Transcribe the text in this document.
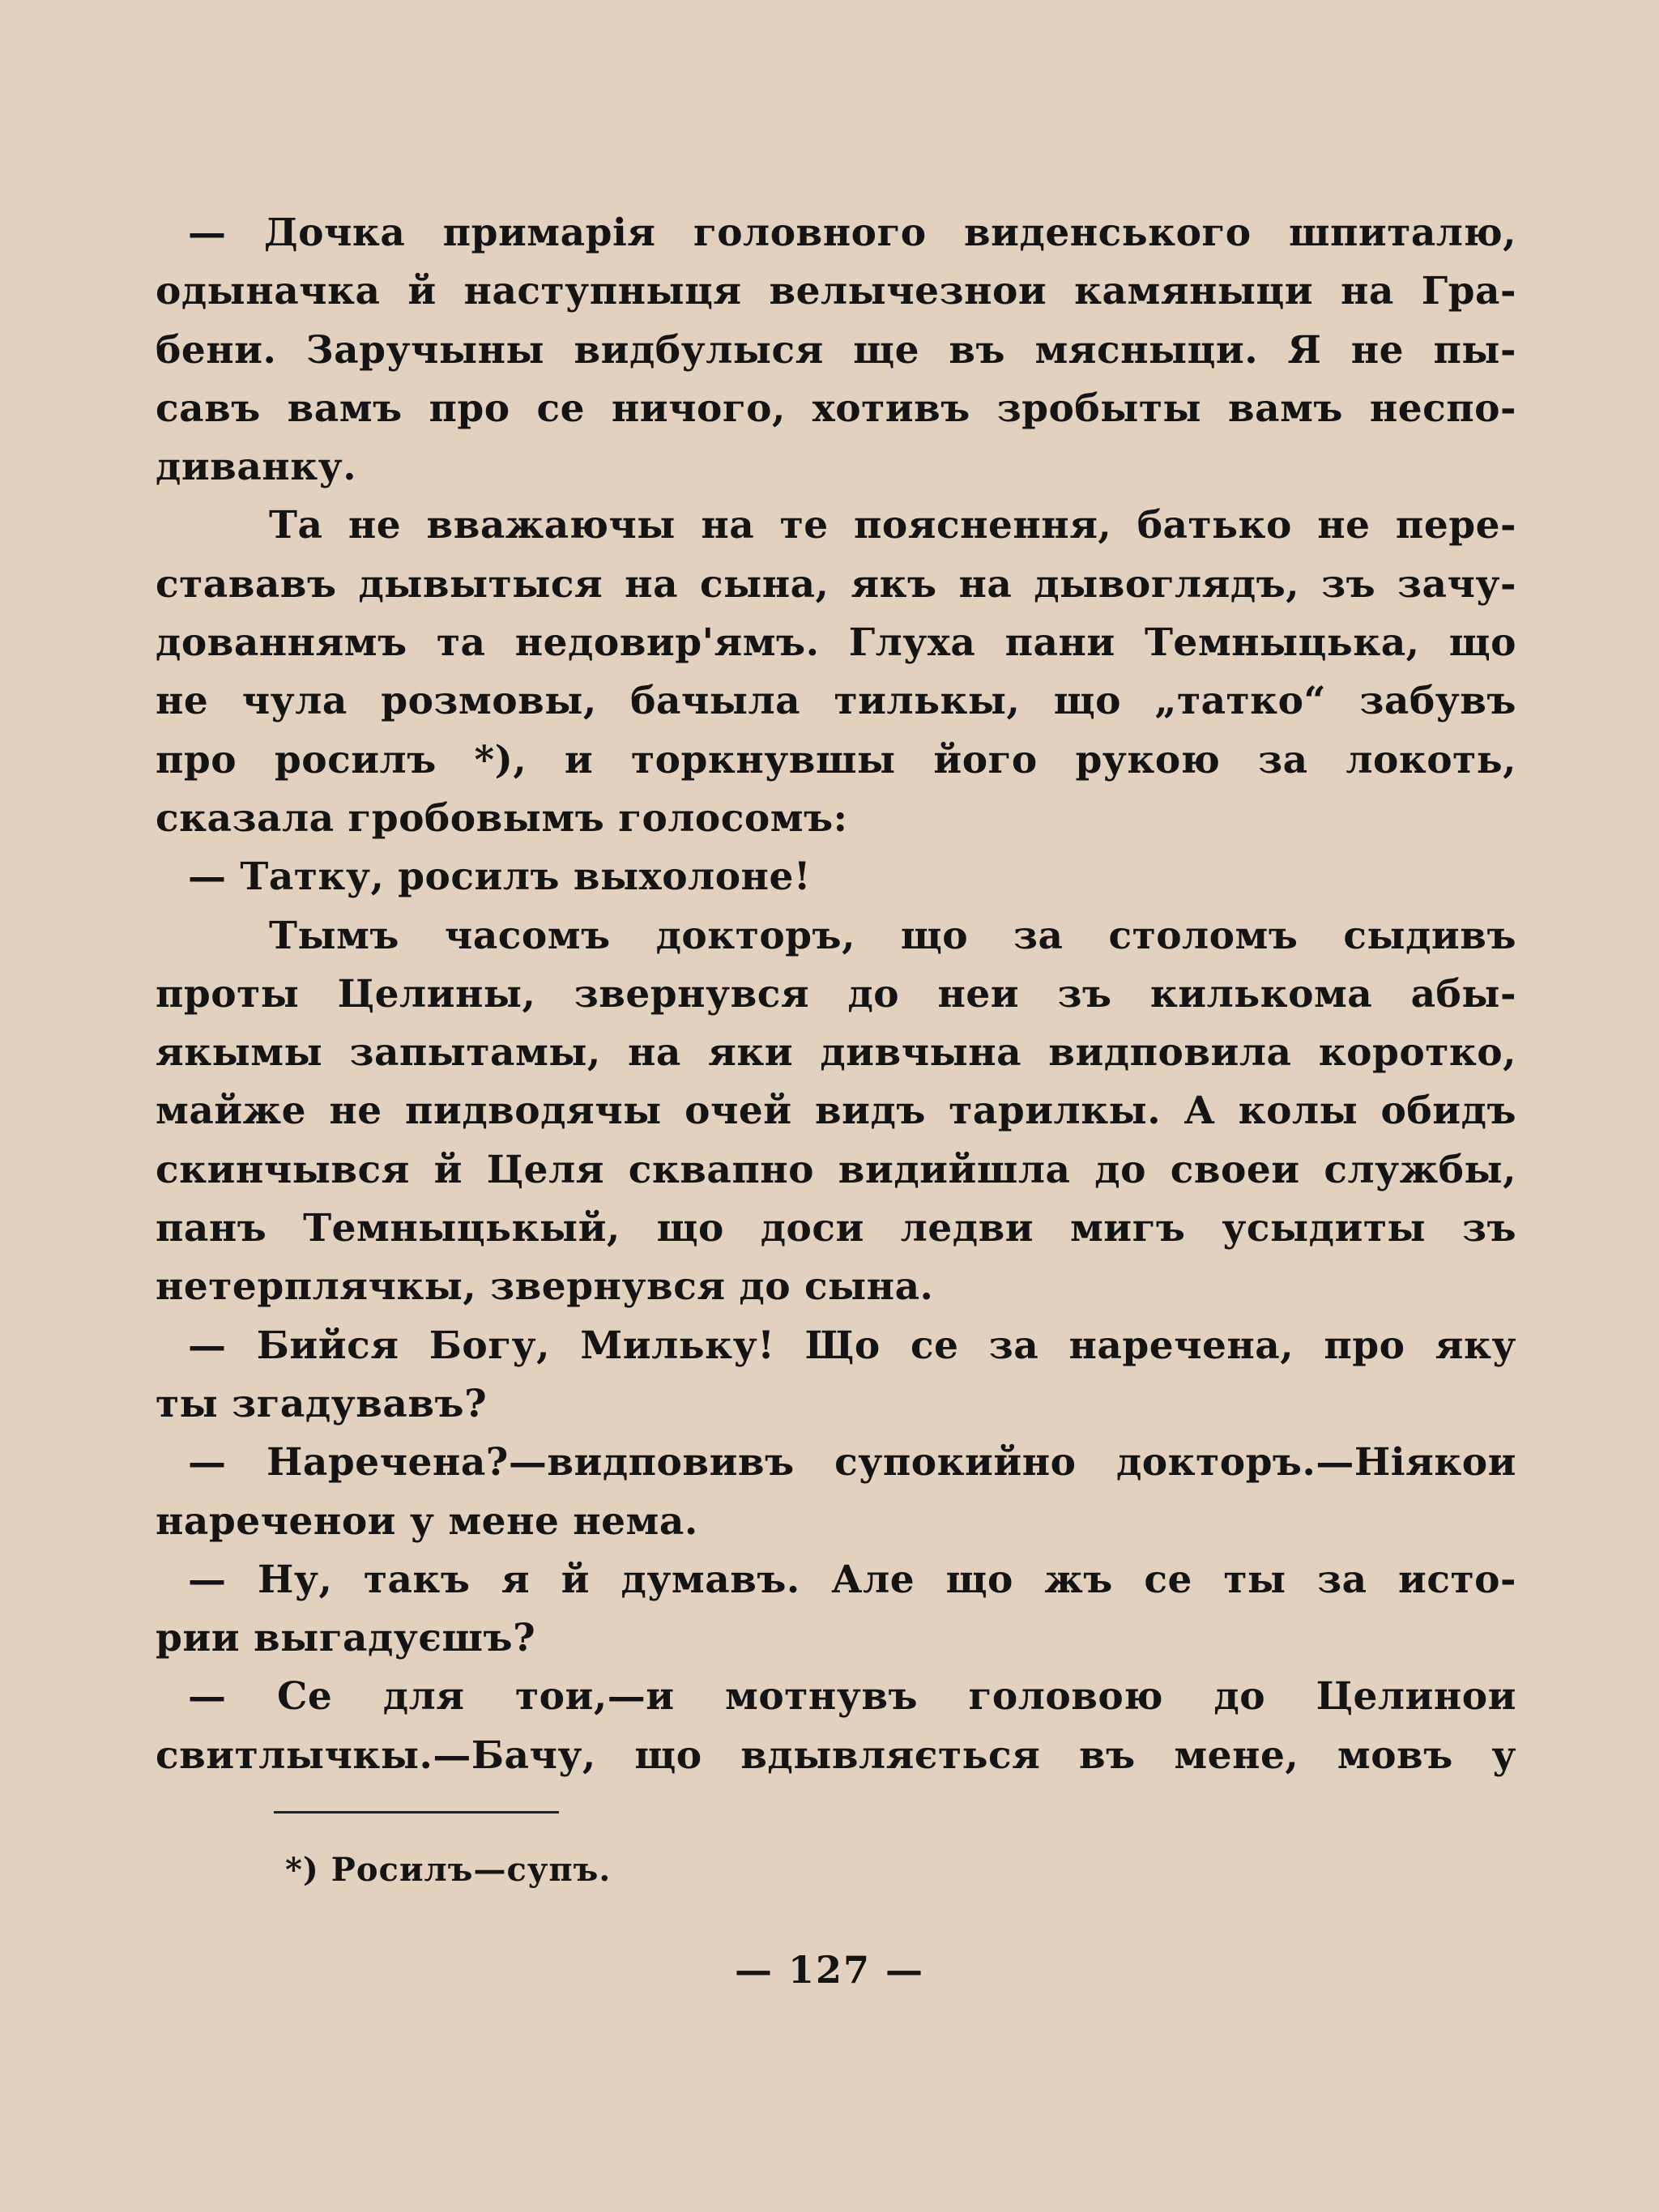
— Дочка примарія головного виденського шпиталю,
одыначка й наступныця велычезнои камяныци на Гра-
бени. Заручыны видбулыся ще въ мясныци. Я не пы-
савъ вамъ про се ничого, хотивъ зробыты вамъ неспо-
диванку.
Та не вважаючы на те пояснення, батько не пере-
стававъ дывытыся на сына, якъ на дывоглядъ, зъ зачу-
дованнямъ та недовир'ямъ. Глуха пани Темныцька, що
не чула розмовы, бачыла тилькы, що „татко“ забувъ
про росилъ *), и торкнувшы його рукою за локоть,
сказала гробовымъ голосомъ:
— Татку, росилъ выхолоне!
Тымъ часомъ докторъ, що за столомъ сыдивъ
проты Целины, звернувся до неи зъ килькома абы-
якымы запытамы, на яки дивчына видповила коротко,
майже не пидводячы очей видъ тарилкы. А колы обидъ
скинчывся й Целя сквапно видийшла до своеи службы,
панъ Темныцькый, що доси ледви мигъ усыдиты зъ
нетерплячкы, звернувся до сына.
— Бийся Богу, Мильку! Що се за наречена, про яку
ты згадувавъ?
— Наречена?—видповивъ супокийно докторъ.—Ніякои
нареченои у мене нема.
— Ну, такъ я й думавъ. Але що жъ се ты за исто-
рии выгадуєшъ?
— Се для тои,—и мотнувъ головою до Целинои
свитлычкы.—Бачу, що вдывляється въ мене, мовъ у
*) Росилъ—супъ.
— 127 —
